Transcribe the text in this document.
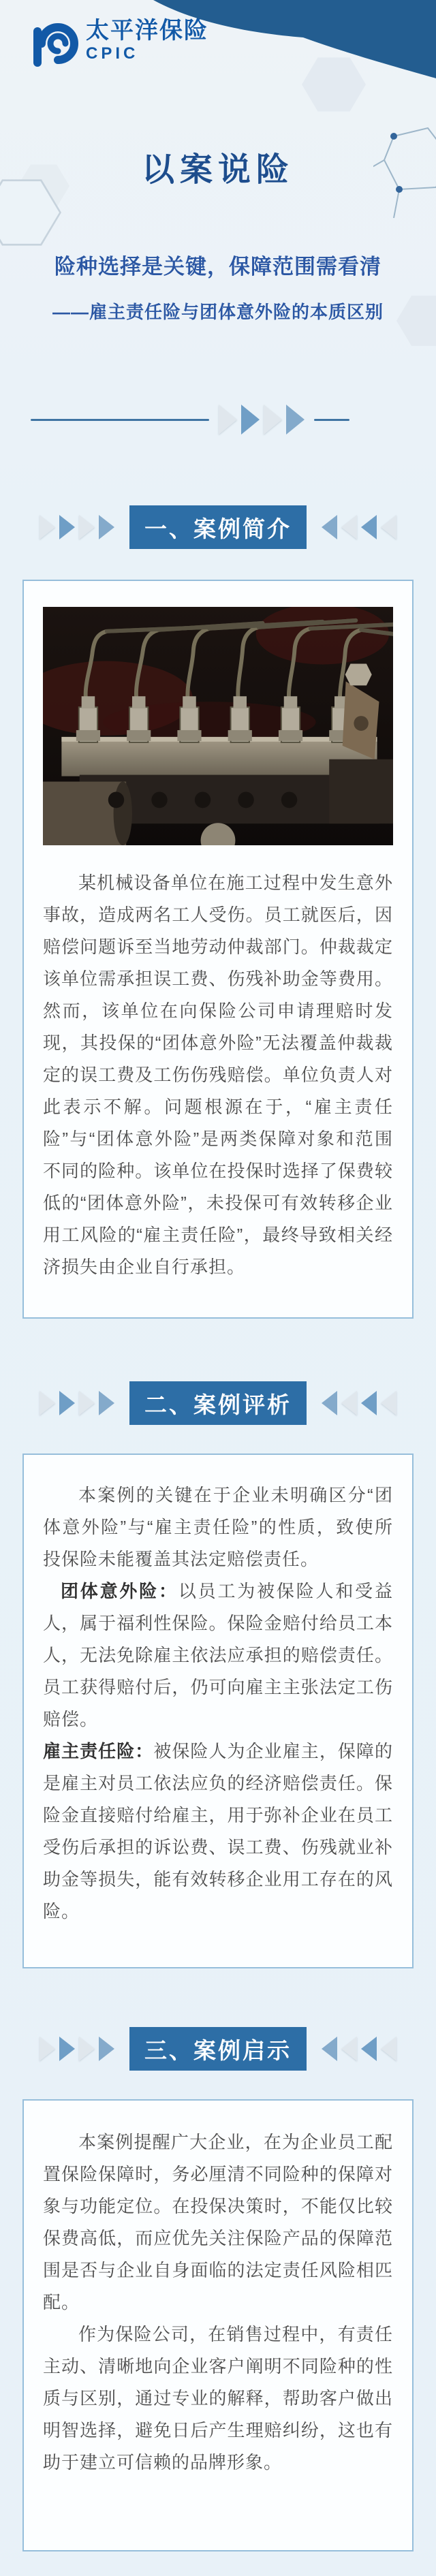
太平洋保险
CPIC
以案说险
险种选择是关键，保障范围需看清
——雇主责任险与团体意外险的本质区别
一、案例简介

某机械设备单位在施工过程中发生意外事故，造成两名工人受伤。员工就医后，因赔偿问题诉至当地劳动仲裁部门。仲裁裁定该单位需承担误工费、伤残补助金等费用。然而，该单位在向保险公司申请理赔时发现，其投保的“团体意外险”无法覆盖仲裁裁定的误工费及工伤伤残赔偿。单位负责人对此表示不解。问题根源在于，“雇主责任险”与“团体意外险”是两类保障对象和范围不同的险种。该单位在投保时选择了保费较低的“团体意外险”，未投保可有效转移企业用工风险的“雇主责任险”，最终导致相关经济损失由企业自行承担。

二、案例评析

本案例的关键在于企业未明确区分“团体意外险”与“雇主责任险”的性质，致使所投保险未能覆盖其法定赔偿责任。

团体意外险：以员工为被保险人和受益人，属于福利性保险。保险金赔付给员工本人，无法免除雇主依法应承担的赔偿责任。员工获得赔付后，仍可向雇主主张法定工伤赔偿。

雇主责任险：被保险人为企业雇主，保障的是雇主对员工依法应负的经济赔偿责任。保险金直接赔付给雇主，用于弥补企业在员工受伤后承担的诉讼费、误工费、伤残就业补助金等损失，能有效转移企业用工存在的风险。

三、案例启示

本案例提醒广大企业，在为企业员工配置保险保障时，务必厘清不同险种的保障对象与功能定位。在投保决策时，不能仅比较保费高低，而应优先关注保险产品的保障范围是否与企业自身面临的法定责任风险相匹配。

作为保险公司，在销售过程中，有责任主动、清晰地向企业客户阐明不同险种的性质与区别，通过专业的解释，帮助客户做出明智选择，避免日后产生理赔纠纷，这也有助于建立可信赖的品牌形象。
